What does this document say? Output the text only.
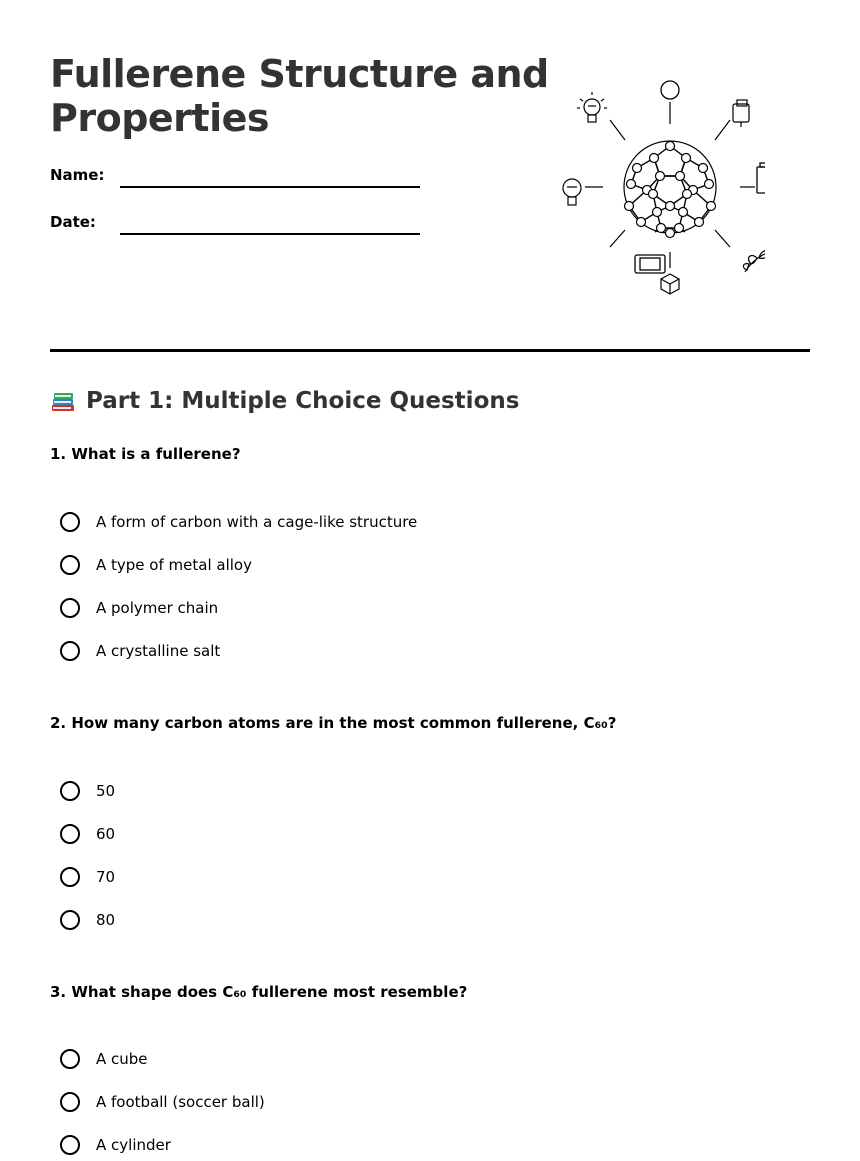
Fullerene Structure and Properties
Name:
Date:
Part 1: Multiple Choice Questions
1. What is a fullerene?
A form of carbon with a cage-like structure
A type of metal alloy
A polymer chain
A crystalline salt
2. How many carbon atoms are in the most common fullerene, C₆₀?
50
60
70
80
3. What shape does C₆₀ fullerene most resemble?
A cube
A football (soccer ball)
A cylinder
